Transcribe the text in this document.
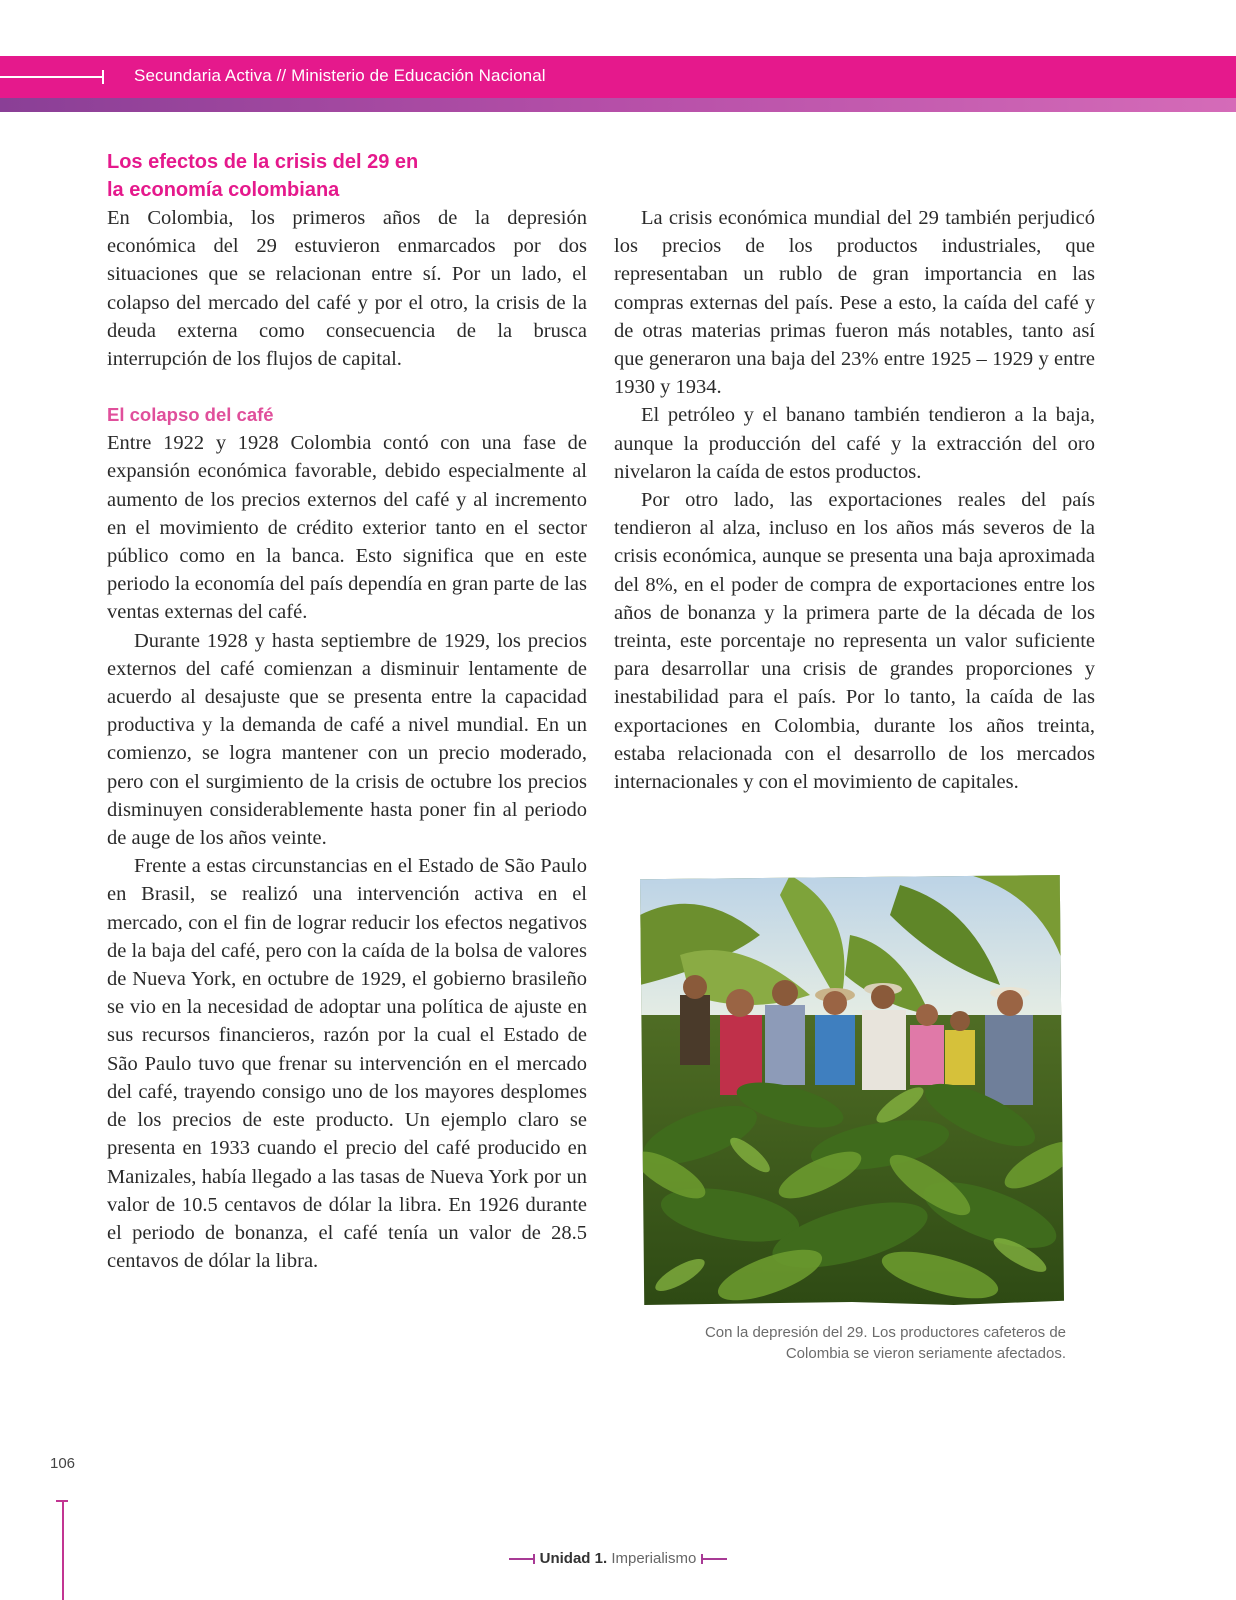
Secundaria Activa // Ministerio de Educación Nacional
Los efectos de la crisis del 29 en
la economía colombiana

En Colombia, los primeros años de la depresión económica del 29 estuvieron enmarcados por dos situaciones que se relacionan entre sí. Por un lado, el colapso del mercado del café y por el otro, la crisis de la deuda externa como consecuencia de la brusca interrupción de los flujos de capital.

El colapso del café

Entre 1922 y 1928 Colombia contó con una fase de expansión económica favorable, debido especialmente al aumento de los precios externos del café y al incremento en el movimiento de crédito exterior tanto en el sector público como en la banca. Esto significa que en este periodo la economía del país dependía en gran parte de las ventas externas del café.

Durante 1928 y hasta septiembre de 1929, los precios externos del café comienzan a disminuir lentamente de acuerdo al desajuste que se presenta entre la capacidad productiva y la demanda de café a nivel mundial. En un comienzo, se logra mantener con un precio moderado, pero con el surgimiento de la crisis de octubre los precios disminuyen considerablemente hasta poner fin al periodo de auge de los años veinte.

Frente a estas circunstancias en el Estado de São Paulo en Brasil, se realizó una intervención activa en el mercado, con el fin de lograr reducir los efectos negativos de la baja del café, pero con la caída de la bolsa de valores de Nueva York, en octubre de 1929, el gobierno brasileño se vio en la necesidad de adoptar una política de ajuste en sus recursos financieros, razón por la cual el Estado de São Paulo tuvo que frenar su intervención en el mercado del café, trayendo consigo uno de los mayores desplomes de los precios de este producto. Un ejemplo claro se presenta en 1933 cuando el precio del café producido en Manizales, había llegado a las tasas de Nueva York por un valor de 10.5 centavos de dólar la libra. En 1926 durante el periodo de bonanza, el café tenía un valor de 28.5 centavos de dólar la libra.

La crisis económica mundial del 29 también perjudicó los precios de los productos industriales, que representaban un rublo de gran importancia en las compras externas del país. Pese a esto, la caída del café y de otras materias primas fueron más notables, tanto así que generaron una baja del 23% entre 1925 – 1929 y entre 1930 y 1934.

El petróleo y el banano también tendieron a la baja, aunque la producción del café y la extracción del oro nivelaron la caída de estos productos.

Por otro lado, las exportaciones reales del país tendieron al alza, incluso en los años más severos de la crisis económica, aunque se presenta una baja aproximada del 8%, en el poder de compra de exportaciones entre los años de bonanza y la primera parte de la década de los treinta, este porcentaje no representa un valor suficiente para desarrollar una crisis de grandes proporciones y inestabilidad para el país. Por lo tanto, la caída de las exportaciones en Colombia, durante los años treinta, estaba relacionada con el desarrollo de los mercados internacionales y con el movimiento de capitales.

Con la depresión del 29. Los productores cafeteros de
Colombia se vieron seriamente afectados.
106
Unidad 1. Imperialismo
